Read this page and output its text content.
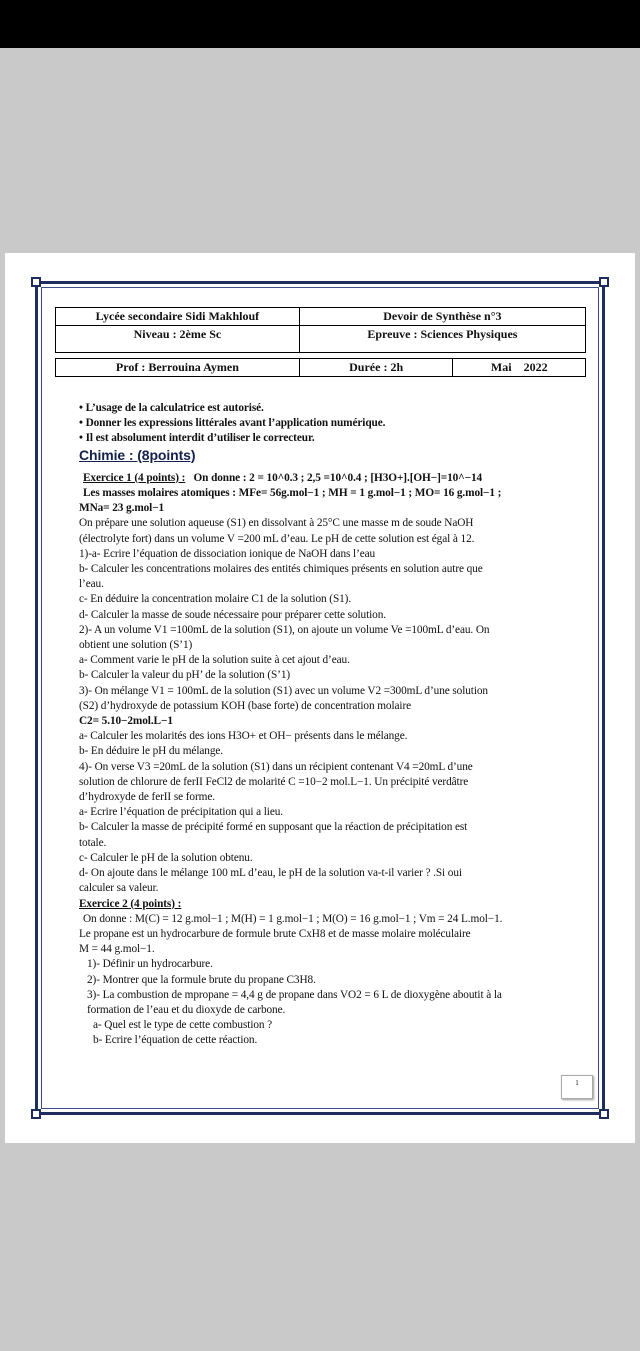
Lycée secondaire Sidi Makhlouf	Devoir de Synthèse n°3	
Niveau : 2ème Sc	Epreuve : Sciences Physiques	

Prof : Berrouina Aymen	Durée : 2h	Mai 2022

• L’usage de la calculatrice est autorisé.

• Donner les expressions littérales avant l’application numérique.

• Il est absolument interdit d’utiliser le correcteur.

Chimie : (8points)

Exercice 1 (4 points) : On donne : 2 = 10^0.3 ; 2,5 =10^0.4 ; [H3O+].[OH−]=10^−14

Les masses molaires atomiques : MFe= 56g.mol−1 ; MH = 1 g.mol−1 ; MO= 16 g.mol−1 ;

MNa= 23 g.mol−1

On prépare une solution aqueuse (S1) en dissolvant à 25°C une masse m de soude NaOH

(électrolyte fort) dans un volume V =200 mL d’eau. Le pH de cette solution est égal à 12.

1)-a- Ecrire l’équation de dissociation ionique de NaOH dans l’eau

b- Calculer les concentrations molaires des entités chimiques présents en solution autre que

l’eau.

c- En déduire la concentration molaire C1 de la solution (S1).

d- Calculer la masse de soude nécessaire pour préparer cette solution.

2)- A un volume V1 =100mL de la solution (S1), on ajoute un volume Ve =100mL d’eau. On

obtient une solution (S’1)

a- Comment varie le pH de la solution suite à cet ajout d’eau.

b- Calculer la valeur du pH’ de la solution (S’1)

3)- On mélange V1 = 100mL de la solution (S1) avec un volume V2 =300mL d’une solution

(S2) d’hydroxyde de potassium KOH (base forte) de concentration molaire

C2= 5.10−2mol.L−1

a- Calculer les molarités des ions H3O+ et OH− présents dans le mélange.

b- En déduire le pH du mélange.

4)- On verse V3 =20mL de la solution (S1) dans un récipient contenant V4 =20mL d’une

solution de chlorure de ferII FeCl2 de molarité C =10−2 mol.L−1. Un précipité verdâtre

d’hydroxyde de ferII se forme.

a- Ecrire l’équation de précipitation qui a lieu.

b- Calculer la masse de précipité formé en supposant que la réaction de précipitation est

totale.

c- Calculer le pH de la solution obtenu.

d- On ajoute dans le mélange 100 mL d’eau, le pH de la solution va-t-il varier ? .Si oui

calculer sa valeur.

Exercice 2 (4 points) :

On donne : M(C) = 12 g.mol−1 ; M(H) = 1 g.mol−1 ; M(O) = 16 g.mol−1 ; Vm = 24 L.mol−1.

Le propane est un hydrocarbure de formule brute CxH8 et de masse molaire moléculaire

M = 44 g.mol−1.

1)- Définir un hydrocarbure.

2)- Montrer que la formule brute du propane C3H8.

3)- La combustion de mpropane = 4,4 g de propane dans VO2 = 6 L de dioxygène aboutit à la

formation de l’eau et du dioxyde de carbone.

a- Quel est le type de cette combustion ?

b- Ecrire l’équation de cette réaction.

1
